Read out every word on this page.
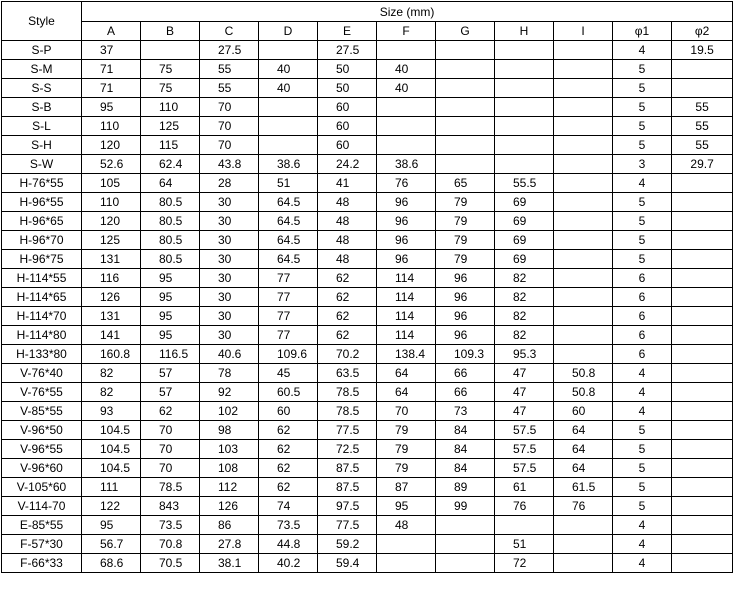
Style	Size (mm)										
	A	B	C	D	E	F	G	H	I	φ1	φ2
S-P	37		27.5		27.5					4	19.5
S-M	71	75	55	40	50	40				5	
S-S	71	75	55	40	50	40				5	
S-B	95	110	70		60					5	55
S-L	110	125	70		60					5	55
S-H	120	115	70		60					5	55
S-W	52.6	62.4	43.8	38.6	24.2	38.6				3	29.7
H-76*55	105	64	28	51	41	76	65	55.5		4	
H-96*55	110	80.5	30	64.5	48	96	79	69		5	
H-96*65	120	80.5	30	64.5	48	96	79	69		5	
H-96*70	125	80.5	30	64.5	48	96	79	69		5	
H-96*75	131	80.5	30	64.5	48	96	79	69		5	
H-114*55	116	95	30	77	62	114	96	82		6	
H-114*65	126	95	30	77	62	114	96	82		6	
H-114*70	131	95	30	77	62	114	96	82		6	
H-114*80	141	95	30	77	62	114	96	82		6	
H-133*80	160.8	116.5	40.6	109.6	70.2	138.4	109.3	95.3		6	
V-76*40	82	57	78	45	63.5	64	66	47	50.8	4	
V-76*55	82	57	92	60.5	78.5	64	66	47	50.8	4	
V-85*55	93	62	102	60	78.5	70	73	47	60	4	
V-96*50	104.5	70	98	62	77.5	79	84	57.5	64	5	
V-96*55	104.5	70	103	62	72.5	79	84	57.5	64	5	
V-96*60	104.5	70	108	62	87.5	79	84	57.5	64	5	
V-105*60	111	78.5	112	62	87.5	87	89	61	61.5	5	
V-114-70	122	843	126	74	97.5	95	99	76	76	5	
E-85*55	95	73.5	86	73.5	77.5	48				4	
F-57*30	56.7	70.8	27.8	44.8	59.2			51		4	
F-66*33	68.6	70.5	38.1	40.2	59.4			72		4	
